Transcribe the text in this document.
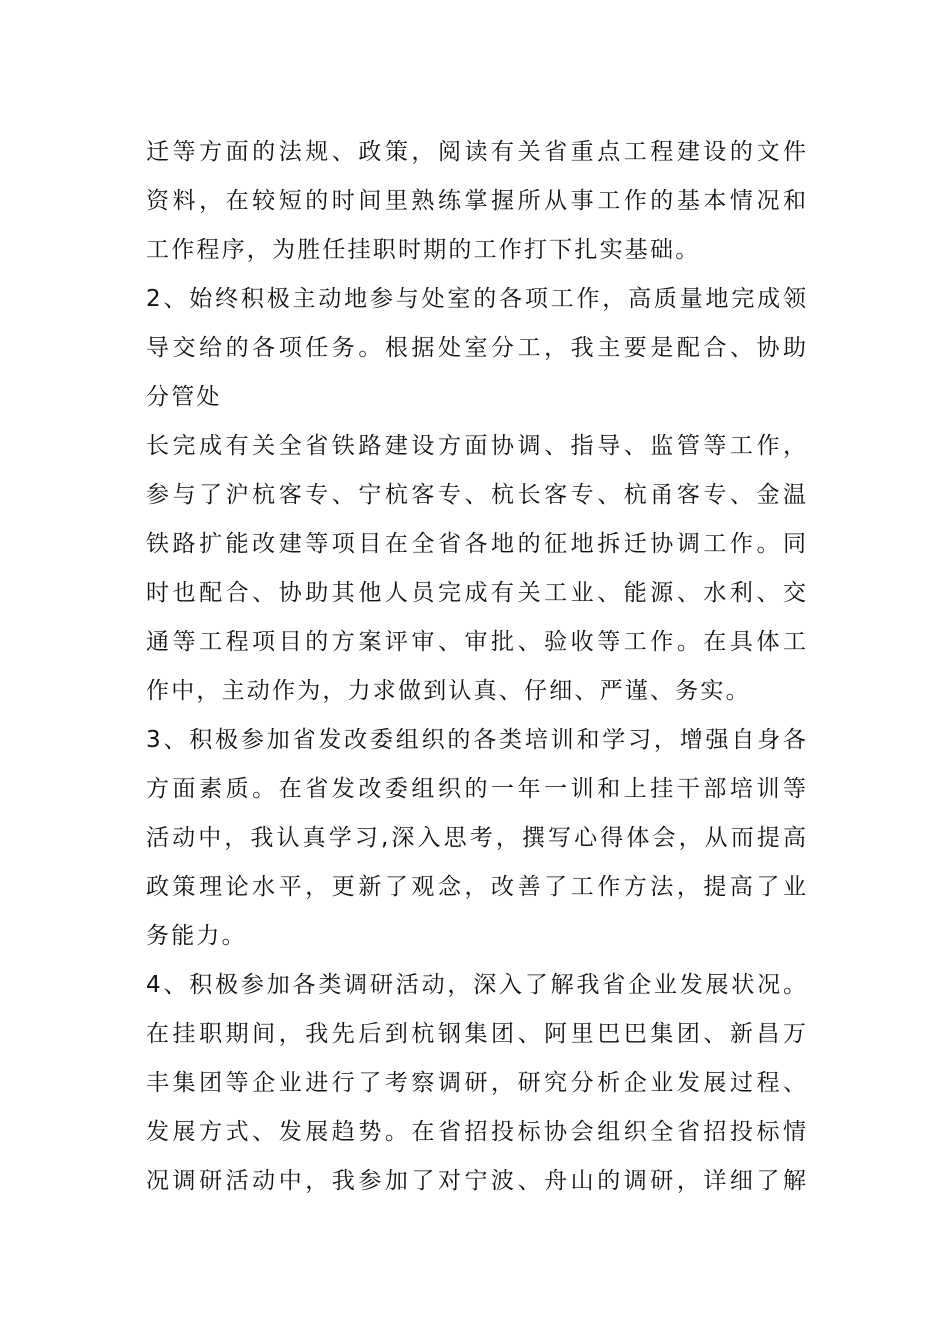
迁等方面的法规、政策，阅读有关省重点工程建设的文件
资料，在较短的时间里熟练掌握所从事工作的基本情况和
工作程序，为胜任挂职时期的工作打下扎实基础。
2、始终积极主动地参与处室的各项工作，高质量地完成领
导交给的各项任务。根据处室分工，我主要是配合、协助
分管处
长完成有关全省铁路建设方面协调、指导、监管等工作，
参与了沪杭客专、宁杭客专、杭长客专、杭甬客专、金温
铁路扩能改建等项目在全省各地的征地拆迁协调工作。同
时也配合、协助其他人员完成有关工业、能源、水利、交
通等工程项目的方案评审、审批、验收等工作。在具体工
作中，主动作为，力求做到认真、仔细、严谨、务实。
3、积极参加省发改委组织的各类培训和学习，增强自身各
方面素质。在省发改委组织的一年一训和上挂干部培训等
活动中，我认真学习,深入思考，撰写心得体会，从而提高
政策理论水平，更新了观念，改善了工作方法，提高了业
务能力。
4、积极参加各类调研活动，深入了解我省企业发展状况。
在挂职期间，我先后到杭钢集团、阿里巴巴集团、新昌万
丰集团等企业进行了考察调研，研究分析企业发展过程、
发展方式、发展趋势。在省招投标协会组织全省招投标情
况调研活动中，我参加了对宁波、舟山的调研，详细了解
